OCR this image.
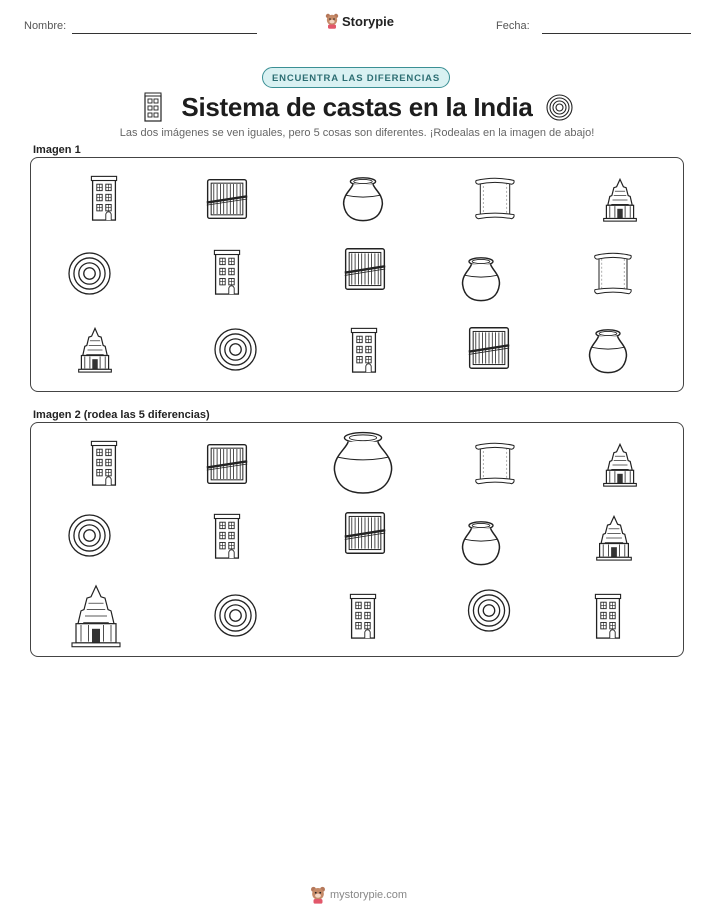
Nombre:	Storypie	Fecha:
ENCUENTRA LAS DIFERENCIAS
Sistema de castas en la India
Las dos imágenes se ven iguales, pero 5 cosas son diferentes. ¡Rodealas en la imagen de abajo!
Imagen 1
Imagen 2 (rodea las 5 diferencias)
mystorypie.com
